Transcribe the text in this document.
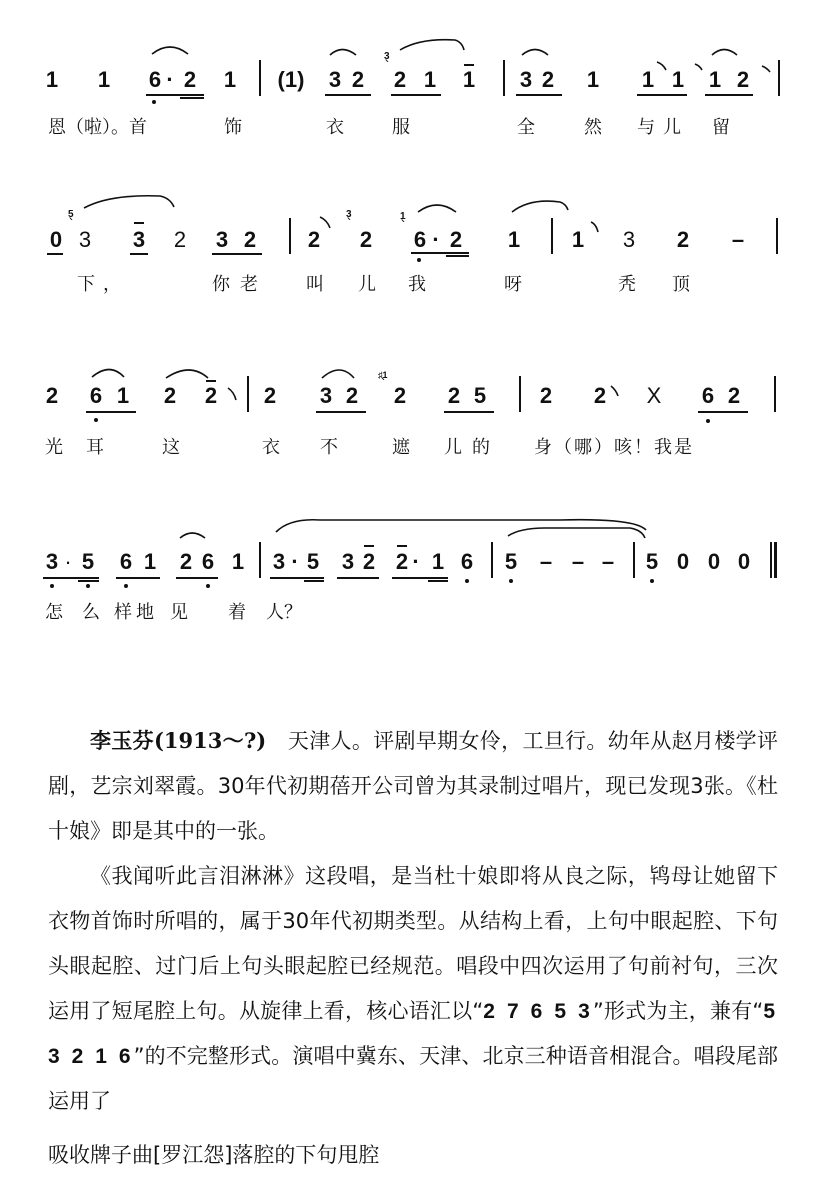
1 1 6 · 2 1 (1) 3 2
3
ˋ 2 1 1 3 2 1 1 1 1 2
恩（啦）。首	饰	衣	服	全	然 与儿 留
0
5
ˋ
3 3 2 3 2 2
3
ˋ
2
1
ˋ 6 · 2 1 1 3 2 –
下，	你老 叫 儿 我	呀	秃 顶
2 6 1 2 2 2 3 2
♯1
ˋ 2 2 5 2 2 X 6 2
光 耳	这	衣 不	遮 儿的 身（哪）咳！我是
3 · 5 6 1 2 6 1 3 · 5 3 2 2 · 1 6 5 – – – 5 0 0 0
怎 么 样地 见 着 人？

李玉芬(1913～?)　天津人。评剧早期女伶，工旦行。幼年从赵月楼学评剧，艺宗刘翠霞。30年代初期蓓开公司曾为其录制过唱片，现已发现3张。《杜十娘》即是其中的一张。

《我闻听此言泪淋淋》这段唱，是当杜十娘即将从良之际，鸨母让她留下衣物首饰时所唱的，属于30年代初期类型。从结构上看，上句中眼起腔、下句头眼起腔、过门后上句头眼起腔已经规范。唱段中四次运用了句前衬句，三次运用了短尾腔上句。从旋律上看，核心语汇以“2 7 6 5 3”形式为主，兼有“5 3 2 1 6”的不完整形式。演唱中冀东、天津、北京三种语音相混合。唱段尾部运用了

吸收牌子曲[罗江怨]落腔的下句甩腔
